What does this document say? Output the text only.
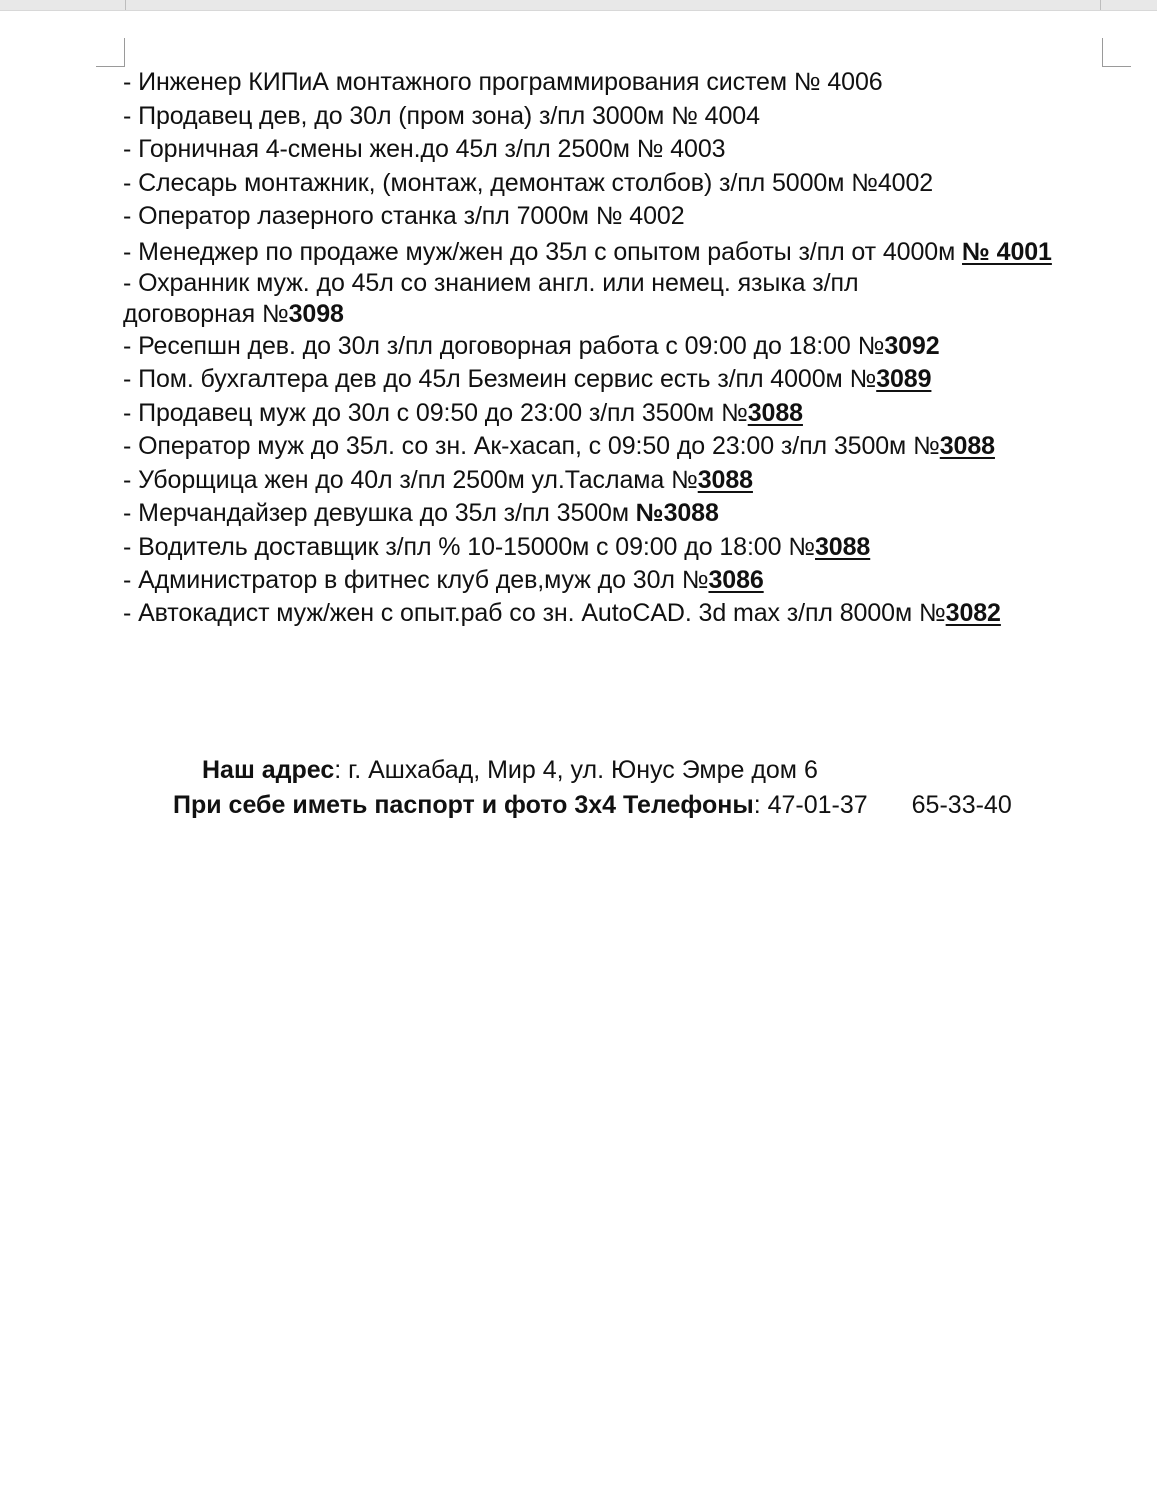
- Инженер КИПиА монтажного программирования систем № 4006
- Продавец дев, до 30л (пром зона) з/пл 3000м № 4004
- Горничная 4-смены жен.до 45л з/пл 2500м № 4003
- Слесарь монтажник, (монтаж, демонтаж столбов) з/пл 5000м №4002
- Оператор лазерного станка з/пл 7000м № 4002
- Менеджер по продаже муж/жен до 35л с опытом работы з/пл от 4000м № 4001
- Охранник муж. до 45л со знанием англ. или немец. языка з/пл договорная №3098
- Ресепшн дев. до 30л з/пл договорная работа с 09:00 до 18:00 №3092
- Пом. бухгалтера дев до 45л Безмеин сервис есть з/пл 4000м №3089
- Продавец муж до 30л с 09:50 до 23:00 з/пл 3500м №3088
- Оператор муж до 35л. со зн. Ак-хасап, с 09:50 до 23:00 з/пл 3500м №3088
- Уборщица жен до 40л з/пл 2500м ул.Таслама №3088
- Мерчандайзер девушка до 35л з/пл 3500м №3088
- Водитель доставщик з/пл % 10-15000м с 09:00 до 18:00 №3088
- Администратор в фитнес клуб дев,муж до 30л №3086
- Автокадист муж/жен с опыт.раб со зн. AutoCAD. 3d max з/пл 8000м №3082
Наш адрес: г. Ашхабад, Мир 4, ул. Юнус Эмре дом 6
При себе иметь паспорт и фото 3х4 Телефоны: 47-01-37 65-33-40
